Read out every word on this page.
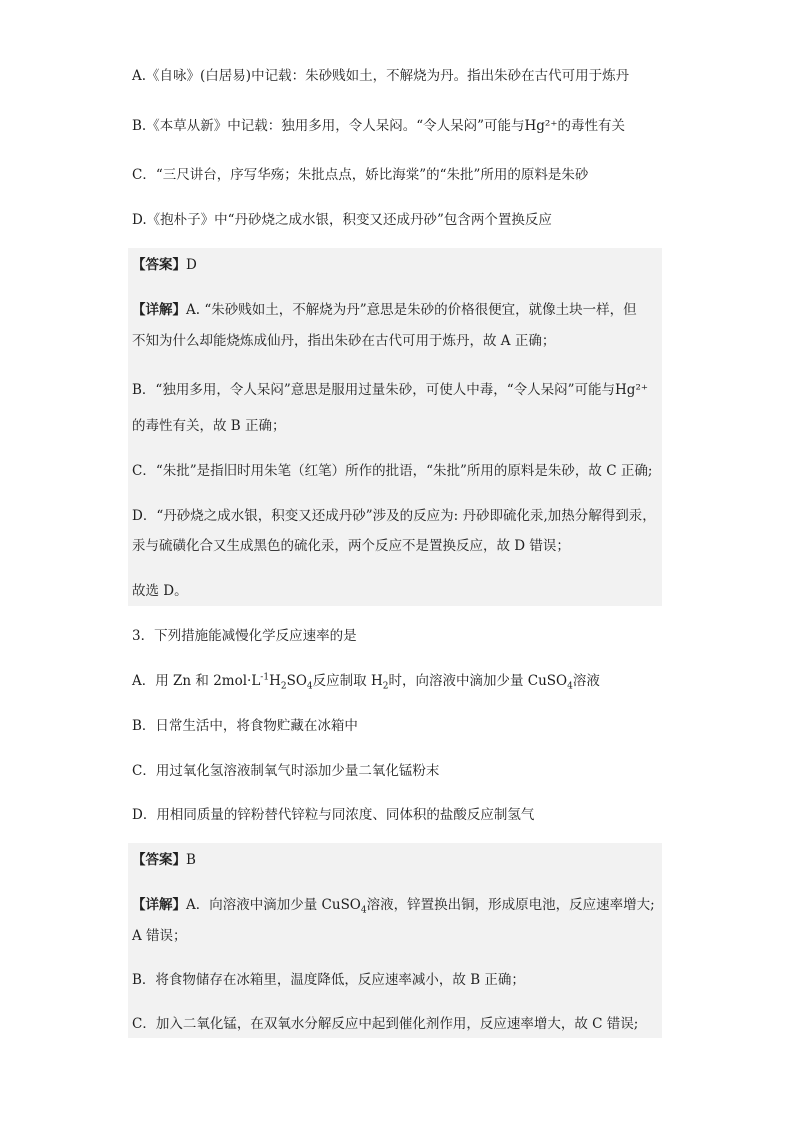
A.《自咏》(白居易)中记载：朱砂贱如土，不解烧为丹。指出朱砂在古代可用于炼丹
B.《本草从新》中记载：独用多用，令人呆闷。“令人呆闷”可能与Hg²⁺的毒性有关
C．“三尺讲台，序写华殇；朱批点点，娇比海棠”的“朱批”所用的原料是朱砂
D.《抱朴子》中“丹砂烧之成水银，积变又还成丹砂”包含两个置换反应
【答案】D
【详解】A. “朱砂贱如土，不解烧为丹”意思是朱砂的价格很便宜，就像土块一样，但
不知为什么却能烧炼成仙丹，指出朱砂在古代可用于炼丹，故 A 正确；
B．“独用多用，令人呆闷”意思是服用过量朱砂，可使人中毒，“令人呆闷”可能与Hg²⁺
的毒性有关，故 B 正确；
C．“朱批”是指旧时用朱笔（红笔）所作的批语，“朱批”所用的原料是朱砂，故 C 正确;
D．“丹砂烧之成水银，积变又还成丹砂”涉及的反应为: 丹砂即硫化汞,加热分解得到汞，
汞与硫磺化合又生成黑色的硫化汞，两个反应不是置换反应，故 D 错误；
故选 D。
3．下列措施能减慢化学反应速率的是
A．用 Zn 和 $2mol\cdot L^{-1}H_2SO_4$反应制取 $H_2$时，向溶液中滴加少量 CuSO$_4$溶液
B．日常生活中，将食物贮藏在冰箱中
C．用过氧化氢溶液制氧气时添加少量二氧化锰粉末
D．用相同质量的锌粉替代锌粒与同浓度、同体积的盐酸反应制氢气
【答案】B
【详解】A．向溶液中滴加少量 CuSO$_4$溶液，锌置换出铜，形成原电池，反应速率增大;
A 错误；
B．将食物储存在冰箱里，温度降低，反应速率减小，故 B 正确；
C．加入二氧化锰，在双氧水分解反应中起到催化剂作用，反应速率增大，故 C 错误;
